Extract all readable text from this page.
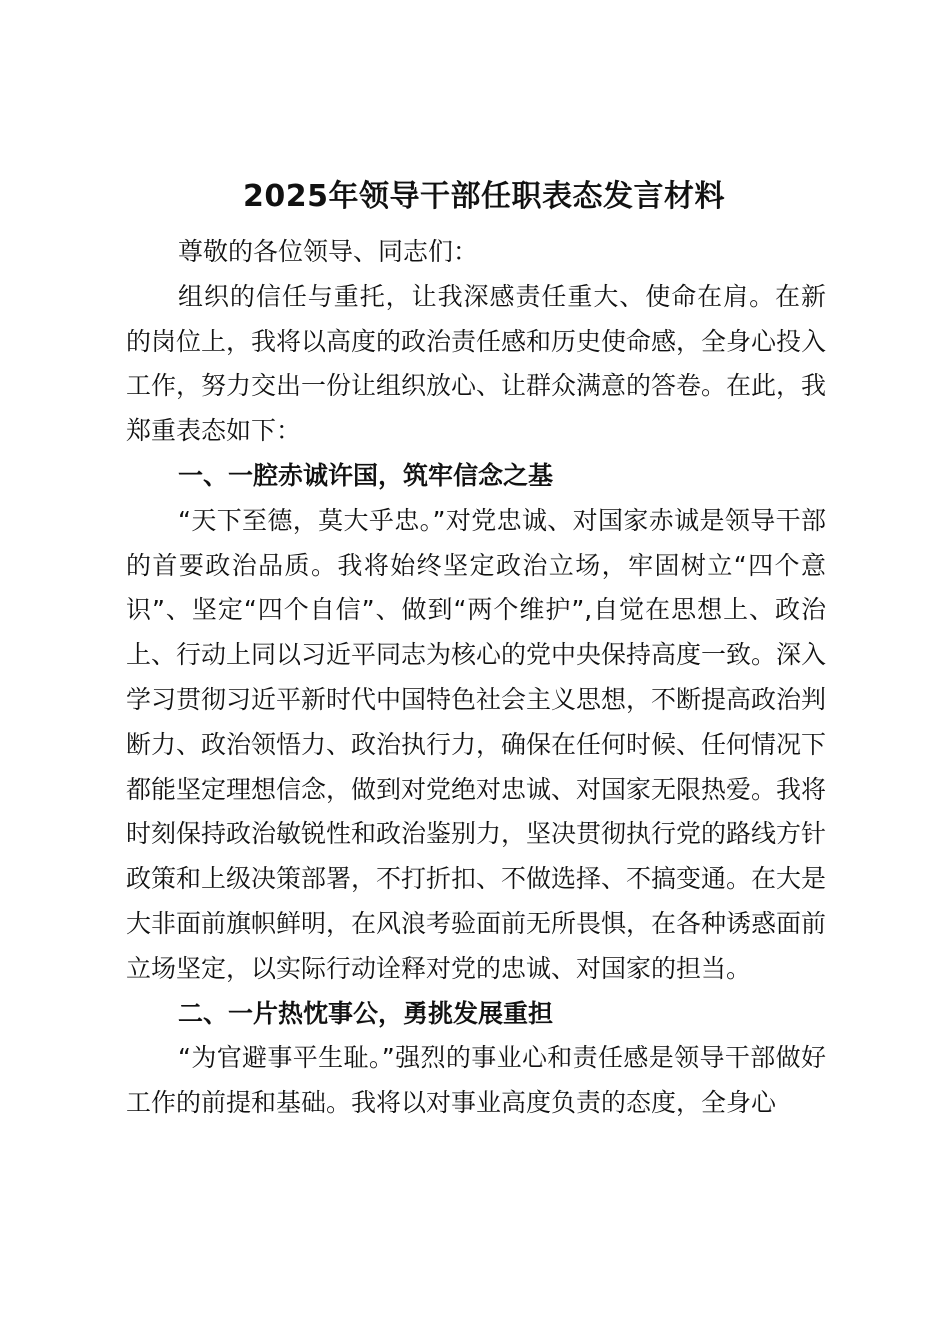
2025年领导干部任职表态发言材料

尊敬的各位领导、同志们：

组织的信任与重托，让我深感责任重大、使命在肩。在新的岗位上，我将以高度的政治责任感和历史使命感，全身心投入工作，努力交出一份让组织放心、让群众满意的答卷。在此，我郑重表态如下：

一、一腔赤诚许国，筑牢信念之基

“天下至德，莫大乎忠。”对党忠诚、对国家赤诚是领导干部的首要政治品质。我将始终坚定政治立场，牢固树立“四个意识”、坚定“四个自信”、做到“两个维护”,自觉在思想上、政治上、行动上同以习近平同志为核心的党中央保持高度一致。深入学习贯彻习近平新时代中国特色社会主义思想，不断提高政治判断力、政治领悟力、政治执行力，确保在任何时候、任何情况下都能坚定理想信念，做到对党绝对忠诚、对国家无限热爱。我将时刻保持政治敏锐性和政治鉴别力，坚决贯彻执行党的路线方针政策和上级决策部署，不打折扣、不做选择、不搞变通。在大是大非面前旗帜鲜明，在风浪考验面前无所畏惧，在各种诱惑面前立场坚定，以实际行动诠释对党的忠诚、对国家的担当。

二、一片热忱事公，勇挑发展重担

“为官避事平生耻。”强烈的事业心和责任感是领导干部做好工作的前提和基础。我将以对事业高度负责的态度，全身心
